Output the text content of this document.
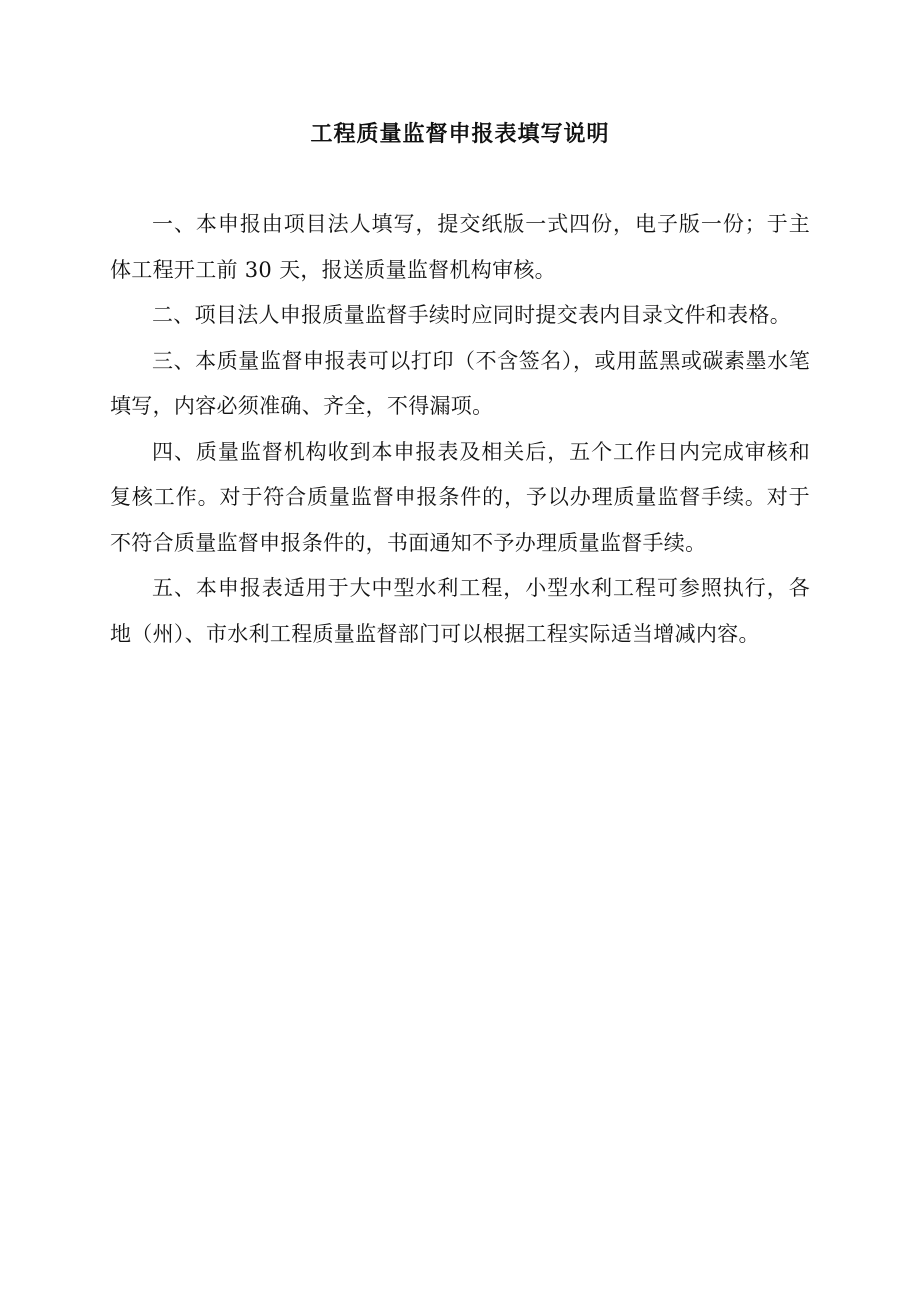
工程质量监督申报表填写说明

一、本申报由项目法人填写，提交纸版一式四份，电子版一份；于主体工程开工前 30 天，报送质量监督机构审核。

二、项目法人申报质量监督手续时应同时提交表内目录文件和表格。

三、本质量监督申报表可以打印（不含签名），或用蓝黑或碳素墨水笔填写，内容必须准确、齐全，不得漏项。

四、质量监督机构收到本申报表及相关后，五个工作日内完成审核和复核工作。对于符合质量监督申报条件的，予以办理质量监督手续。对于不符合质量监督申报条件的，书面通知不予办理质量监督手续。

五、本申报表适用于大中型水利工程，小型水利工程可参照执行，各地（州）、市水利工程质量监督部门可以根据工程实际适当增减内容。
